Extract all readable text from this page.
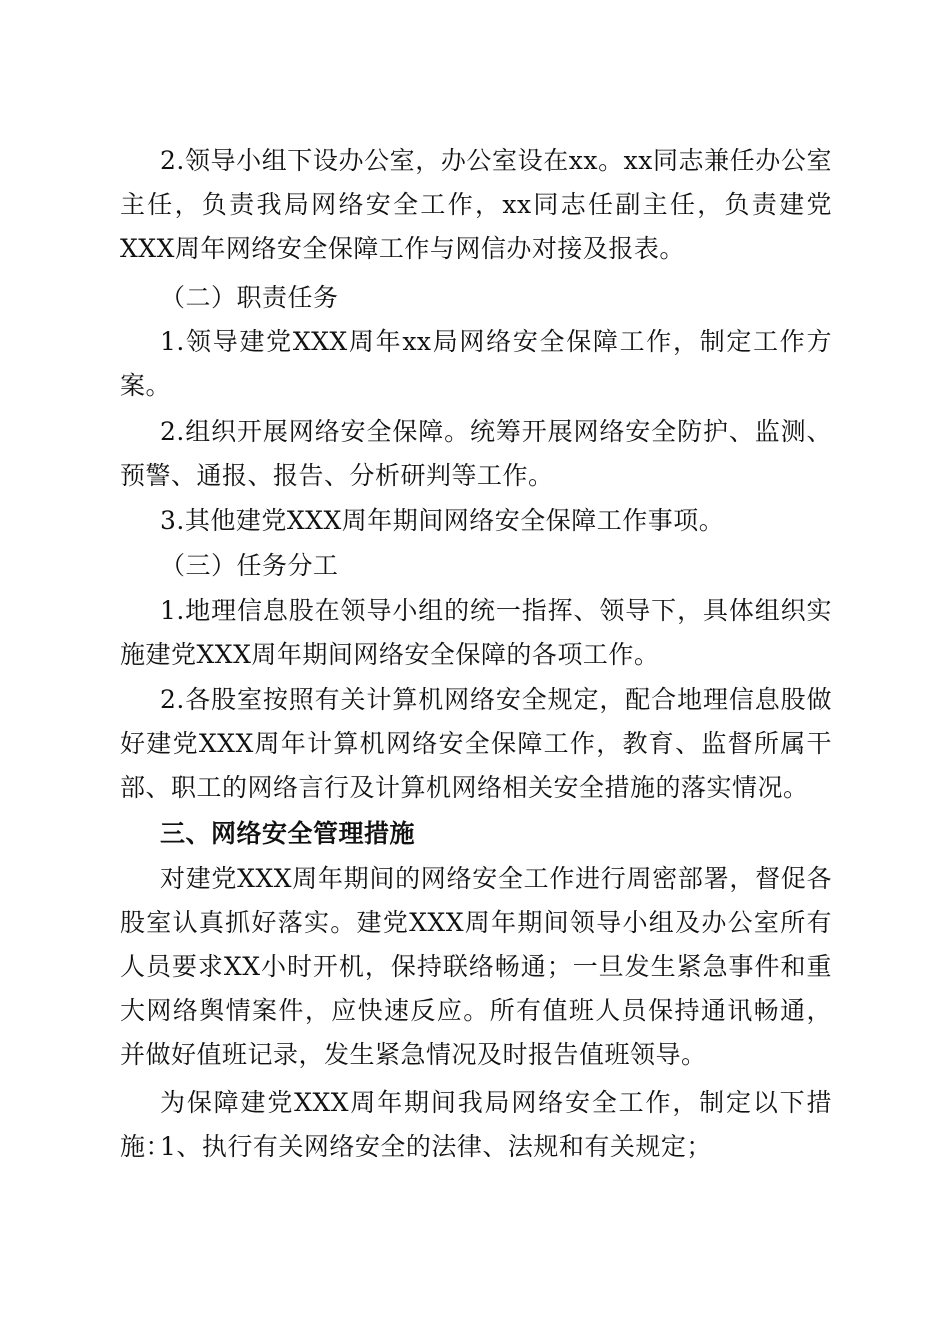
2.领导小组下设办公室，办公室设在xx。xx同志兼任办公室主任，负责我局网络安全工作，xx同志任副主任，负责建党XXX周年网络安全保障工作与网信办对接及报表。

（二）职责任务

1.领导建党XXX周年xx局网络安全保障工作，制定工作方案。

2.组织开展网络安全保障。统筹开展网络安全防护、监测、预警、通报、报告、分析研判等工作。

3.其他建党XXX周年期间网络安全保障工作事项。

（三）任务分工

1.地理信息股在领导小组的统一指挥、领导下，具体组织实施建党XXX周年期间网络安全保障的各项工作。

2.各股室按照有关计算机网络安全规定，配合地理信息股做好建党XXX周年计算机网络安全保障工作，教育、监督所属干部、职工的网络言行及计算机网络相关安全措施的落实情况。

三、网络安全管理措施

对建党XXX周年期间的网络安全工作进行周密部署，督促各股室认真抓好落实。建党XXX周年期间领导小组及办公室所有人员要求XX小时开机，保持联络畅通；一旦发生紧急事件和重大网络舆情案件，应快速反应。所有值班人员保持通讯畅通，并做好值班记录，发生紧急情况及时报告值班领导。

为保障建党XXX周年期间我局网络安全工作，制定以下措施：

1、执行有关网络安全的法律、法规和有关规定；
